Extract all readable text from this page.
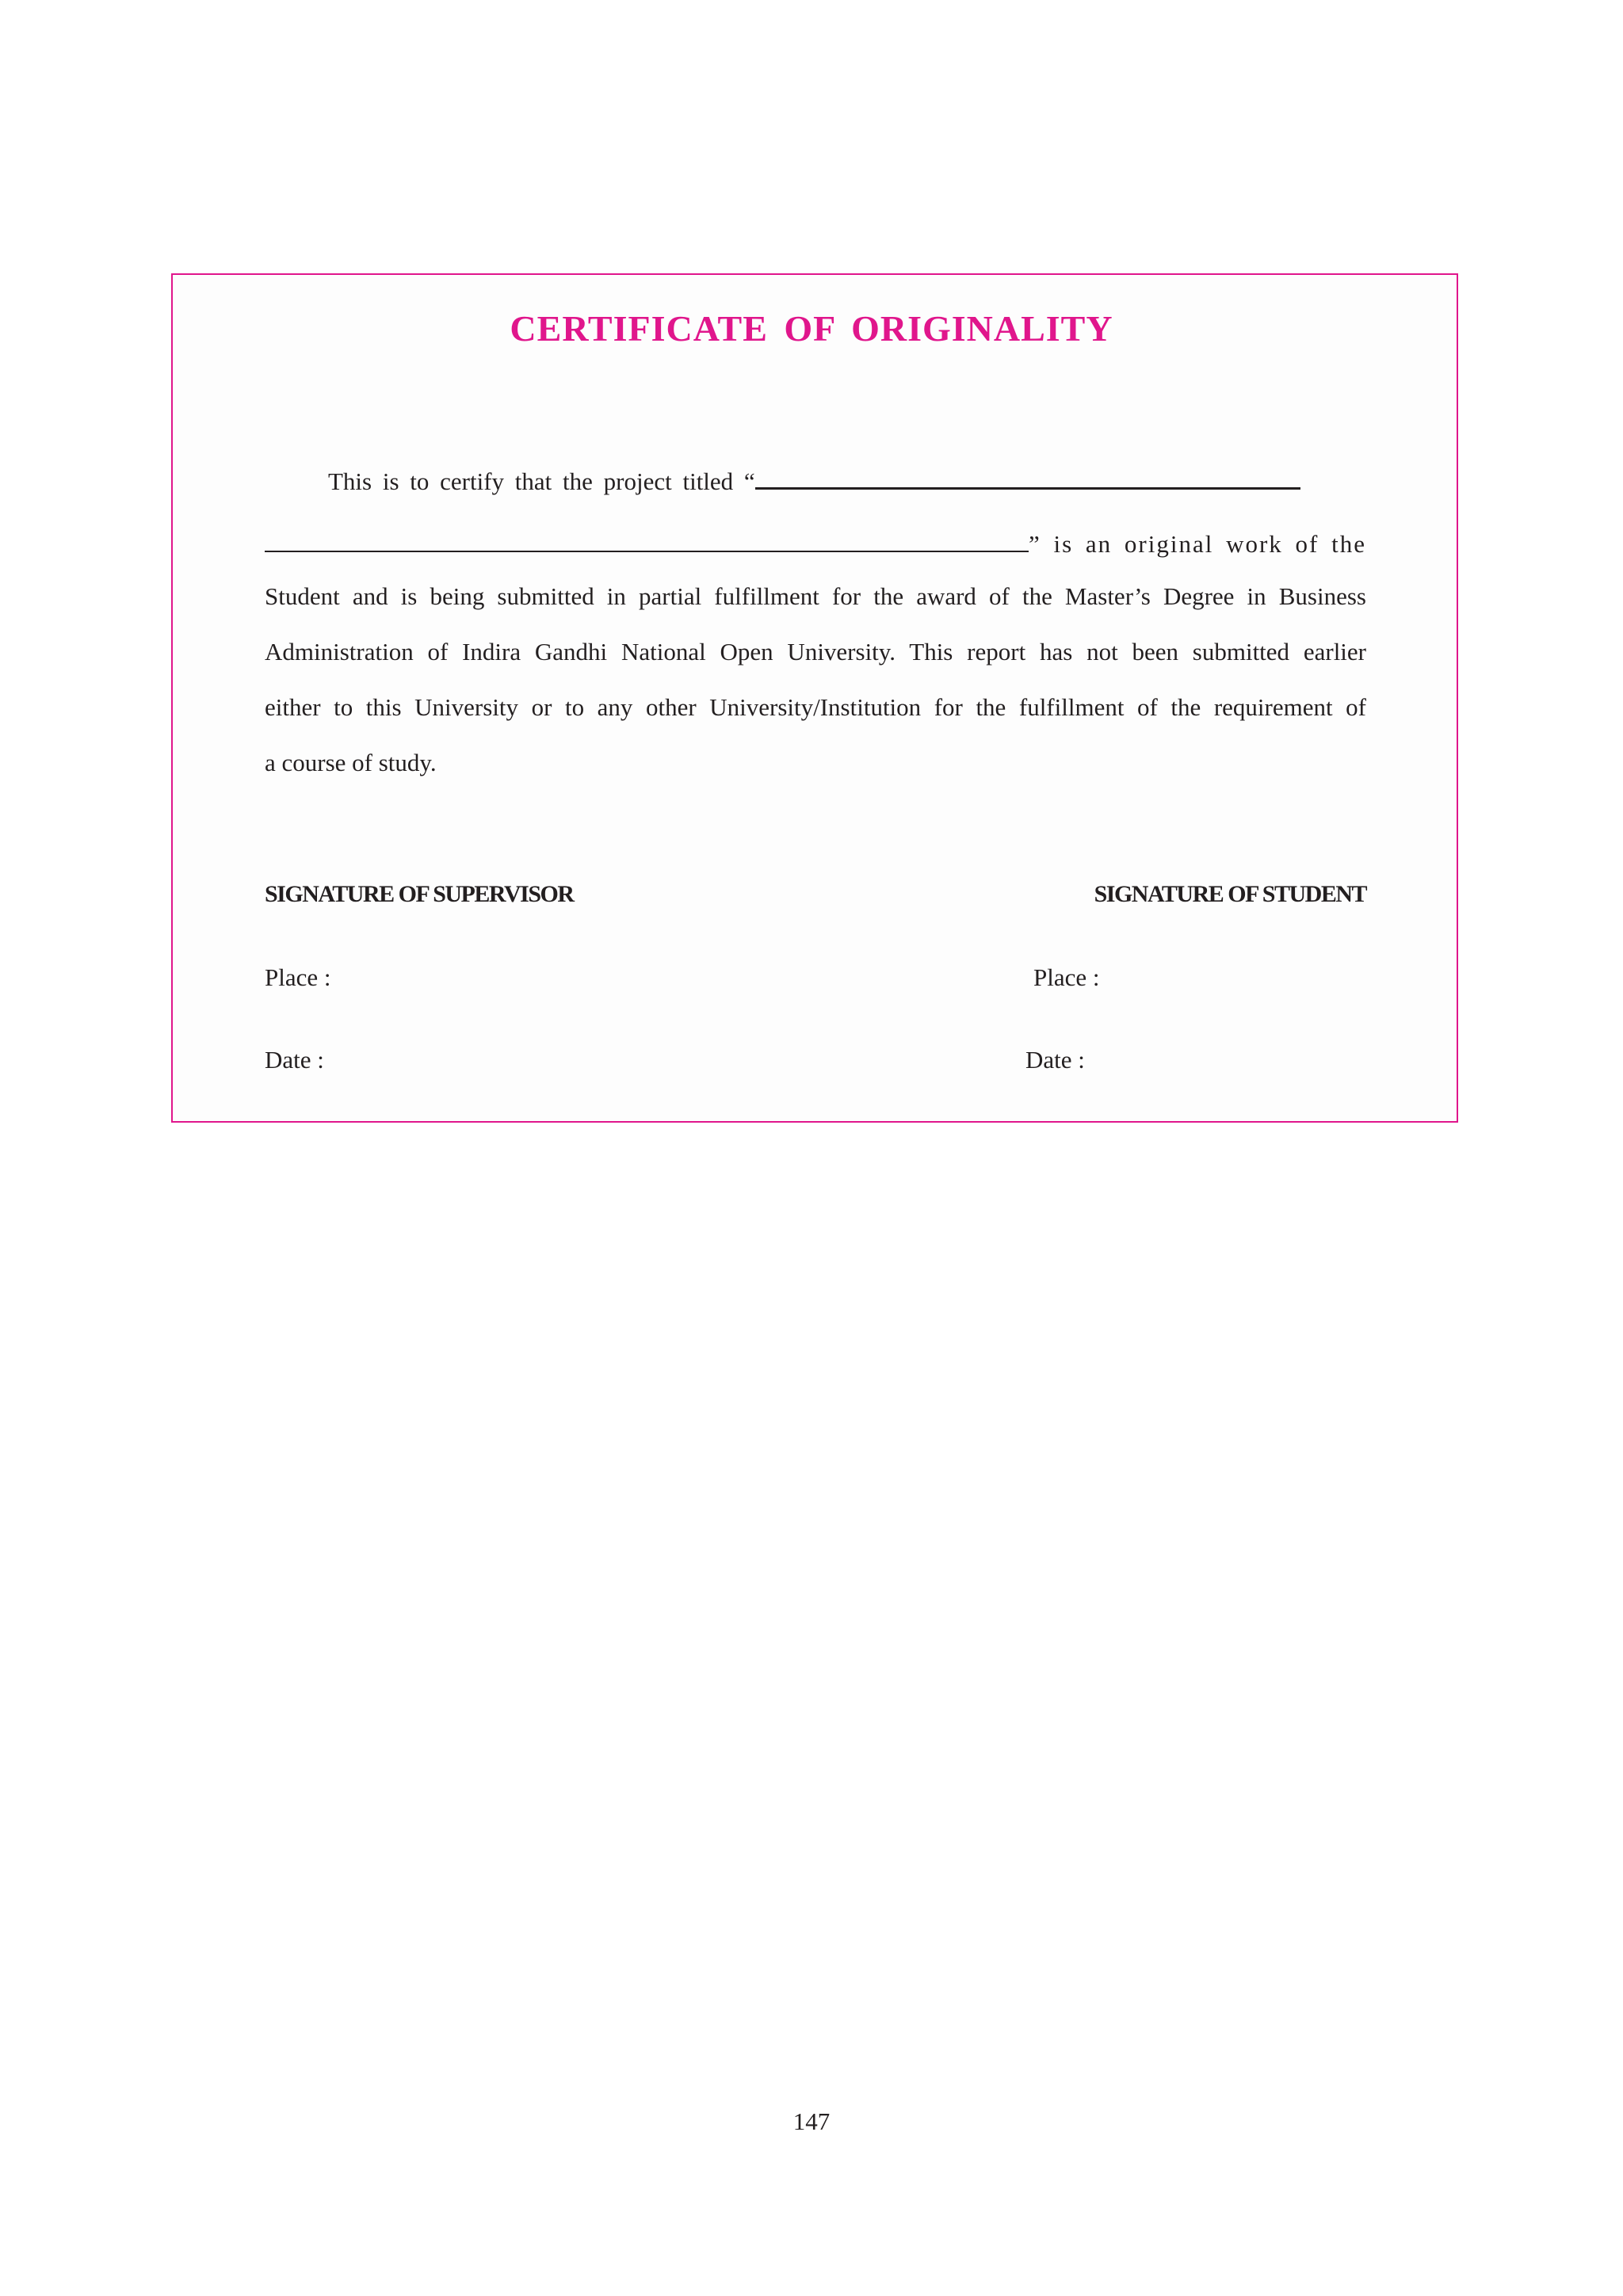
CERTIFICATE OF ORIGINALITY
This is to certify that the project titled “
” is an original work of the
Student and is being submitted in partial fulfillment for the award of the Master’s Degree in Business
Administration of Indira Gandhi National Open University. This report has not been submitted earlier
either to this University or to any other University/Institution for the fulfillment of the requirement of
a course of study.
SIGNATURE OF SUPERVISOR	SIGNATURE OF STUDENT
Place :	Place :
Date :	Date :
147
